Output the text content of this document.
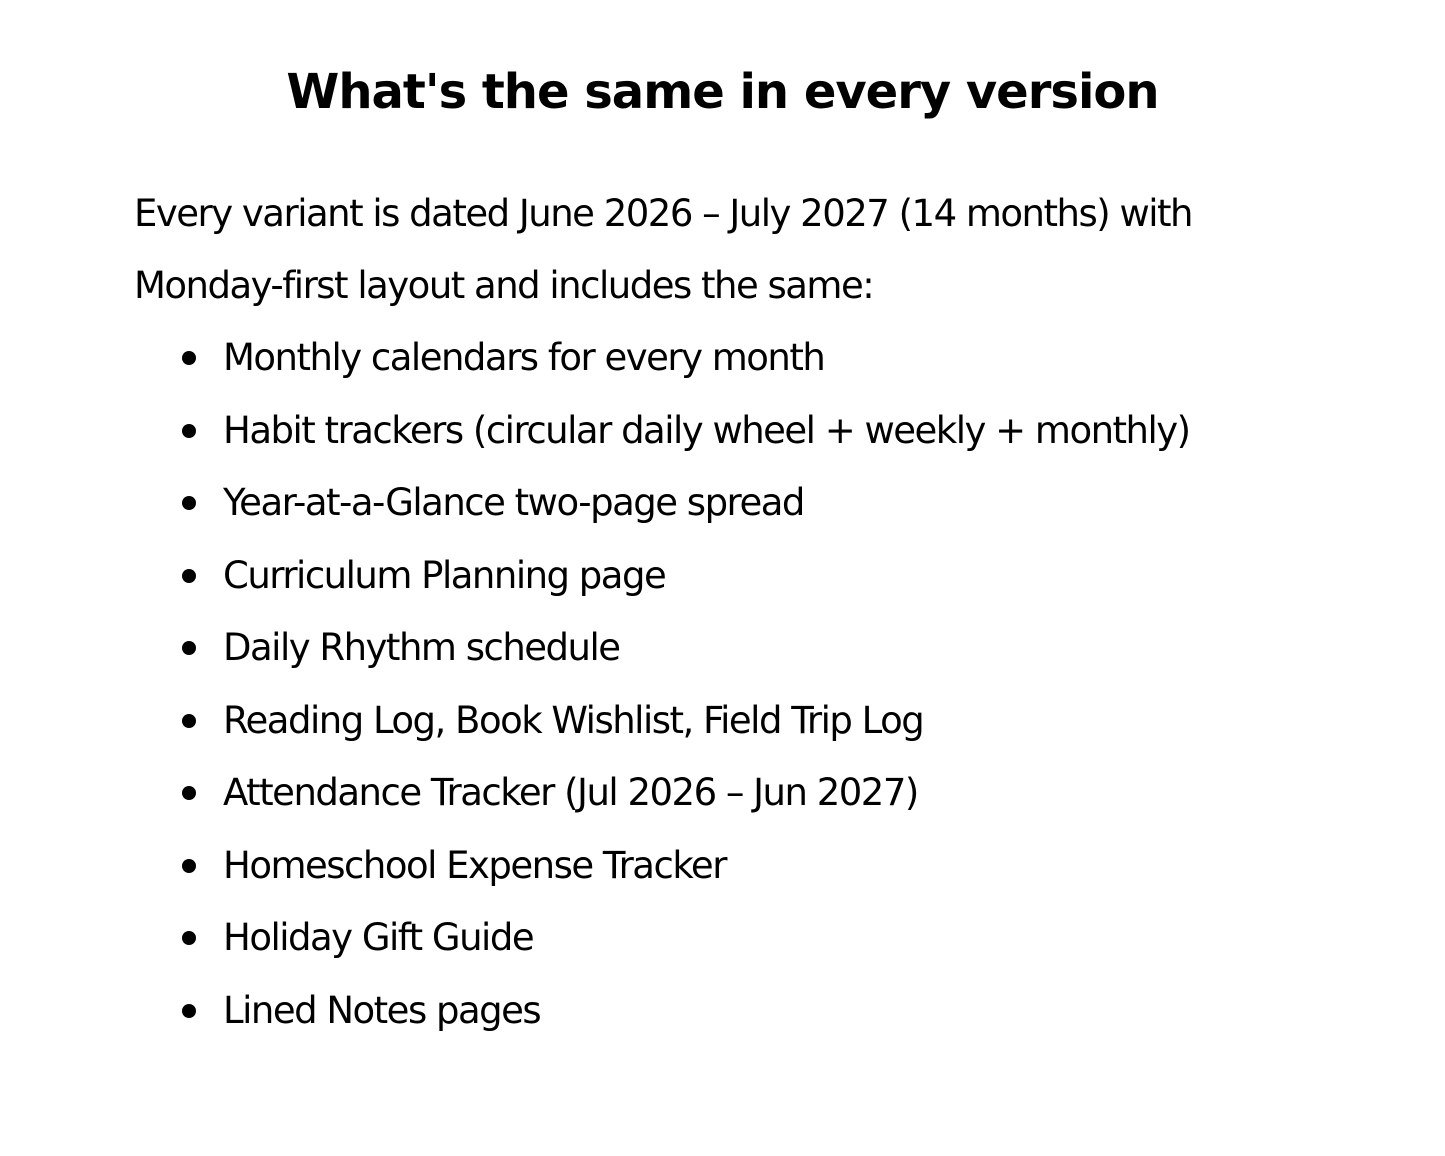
What's the same in every version

Every variant is dated June 2026 – July 2027 (14 months) with
Monday-first layout and includes the same:

Monthly calendars for every month
Habit trackers (circular daily wheel + weekly + monthly)
Year-at-a-Glance two-page spread
Curriculum Planning page
Daily Rhythm schedule
Reading Log, Book Wishlist, Field Trip Log
Attendance Tracker (Jul 2026 – Jun 2027)
Homeschool Expense Tracker
Holiday Gift Guide
Lined Notes pages
